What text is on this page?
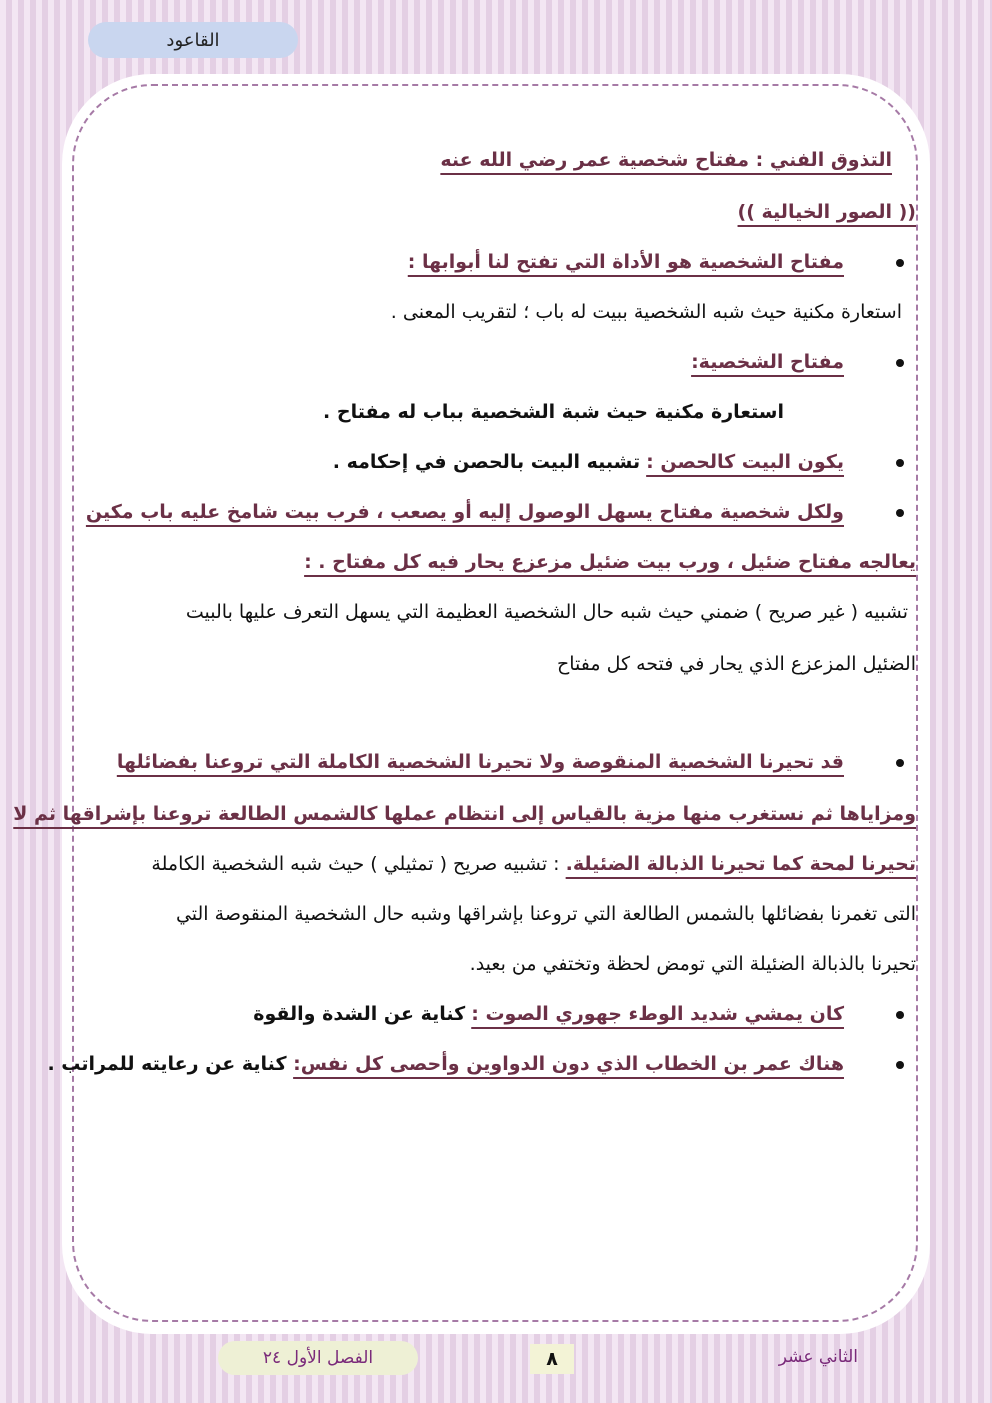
القاعود
التذوق الفني : مفتاح شخصية عمر رضي الله عنه
(( الصور الخيالية ))
مفتاح الشخصية هو الأداة التي تفتح لنا أبوابها :
استعارة مكنية حيث شبه الشخصية ببيت له باب ؛ لتقريب المعنى .
مفتاح الشخصية:
استعارة مكنية حيث شبة الشخصية بباب له مفتاح .
يكون البيت كالحصن : تشبيه البيت بالحصن في إحكامه .
ولكل شخصية مفتاح يسهل الوصول إليه أو يصعب ، فرب بيت شامخ عليه باب مكين
يعالجه مفتاح ضئيل ، ورب بيت ضئيل مزعزع يحار فيه كل مفتاح . :
تشبيه ( غير صريح ) ضمني حيث شبه حال الشخصية العظيمة التي يسهل التعرف عليها بالبيت
الضئيل المزعزع الذي يحار في فتحه كل مفتاح
قد تحيرنا الشخصية المنقوصة ولا تحيرنا الشخصية الكاملة التي تروعنا بفضائلها
ومزاياها ثم نستغرب منها مزية بالقياس إلى انتظام عملها كالشمس الطالعة تروعنا بإشراقها ثم لا
تحيرنا لمحة كما تحيرنا الذبالة الضئيلة. : تشبيه صريح ( تمثيلي ) حيث شبه الشخصية الكاملة
التى تغمرنا بفضائلها بالشمس الطالعة التي تروعنا بإشراقها وشبه حال الشخصية المنقوصة التي
تحيرنا بالذبالة الضئيلة التي تومض لحظة وتختفي من بعيد.
كان يمشي شديد الوطء جهوري الصوت : كناية عن الشدة والقوة
هناك عمر بن الخطاب الذي دون الدواوين وأحصى كل نفس: كناية عن رعايته للمراتب .
الفصل الأول ٢٤	٨	الثاني عشر
